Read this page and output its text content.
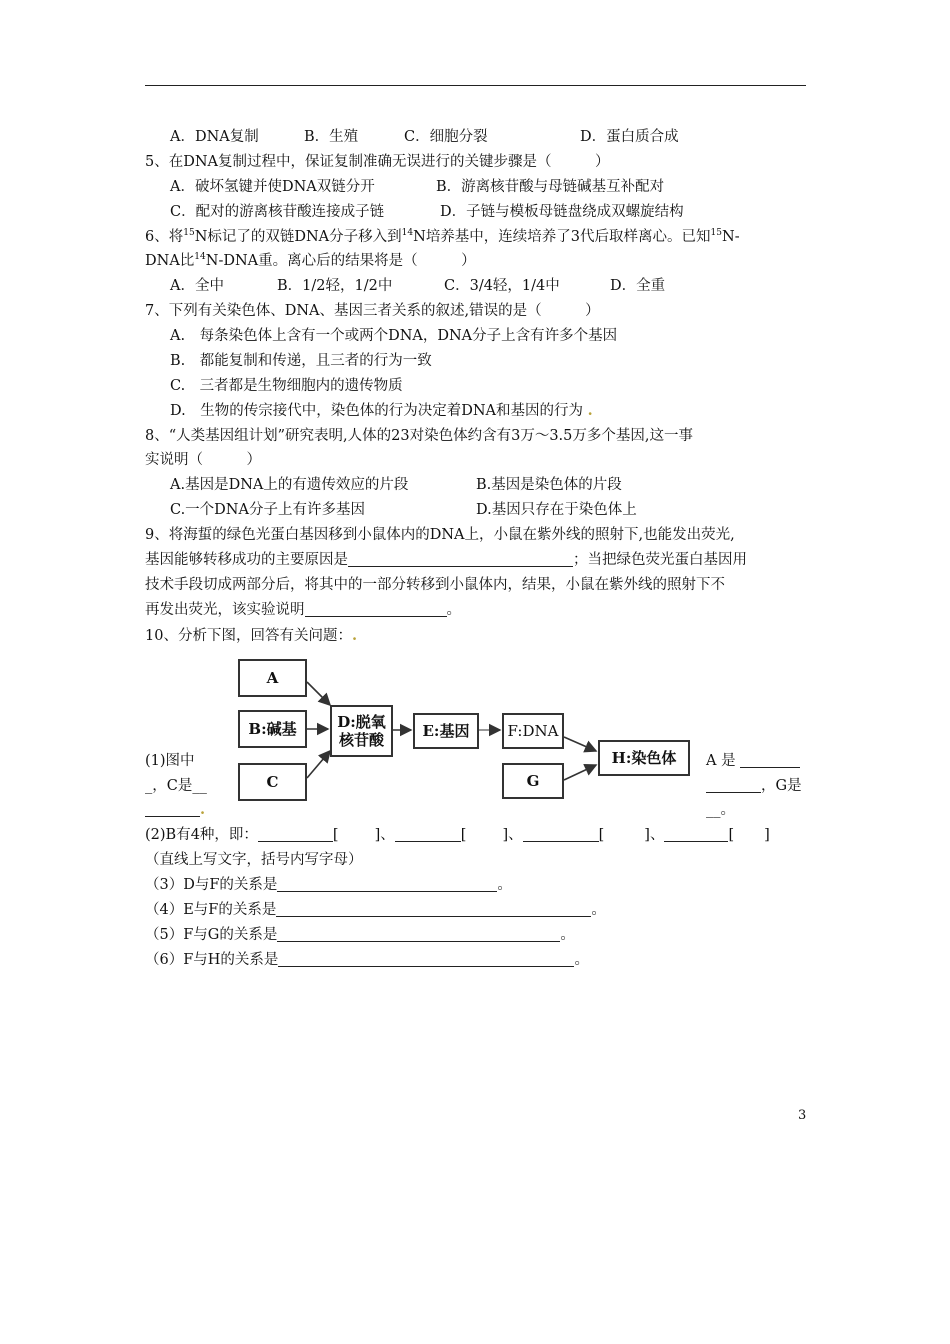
A．DNA复制	B．生殖	C．细胞分裂	D．蛋白质合成
5、在DNA复制过程中，保证复制准确无误进行的关键步骤是（　　　）
A．破坏氢键并使DNA双链分开	B．游离核苷酸与母链碱基互补配对
C．配对的游离核苷酸连接成子链	D．子链与模板母链盘绕成双螺旋结构
6、将$^{15}$N标记了的双链DNA分子移入到$^{14}$N培养基中，连续培养了3代后取样离心。已知$^{15}$N-
DNA比$^{14}$N-DNA重。离心后的结果将是（　　　）
A．全中	B．1/2轻，1/2中	C．3/4轻，1/4中	D．全重
7、下列有关染色体、DNA、基因三者关系的叙述,错误的是（　　　）
A.　每条染色体上含有一个或两个DNA，DNA分子上含有许多个基因
B.　都能复制和传递，且三者的行为一致
C.　三者都是生物细胞内的遗传物质
D.　生物的传宗接代中，染色体的行为决定着DNA和基因的行为 .
8、“人类基因组计划”研究表明,人体的23对染色体约含有3万～3.5万多个基因,这一事
实说明（　　　）
A.基因是DNA上的有遗传效应的片段	B.基因是染色体的片段
C.一个DNA分子上有许多基因	D.基因只存在于染色体上
9、将海蜇的绿色光蛋白基因移到小鼠体内的DNA上，小鼠在紫外线的照射下,也能发出荧光,
基因能够转移成功的主要原因是	；当把绿色荧光蛋白基因用
技术手段切成两部分后，将其中的一部分转移到小鼠体内，结果，小鼠在紫外线的照射下不
再发出荧光，该实验说明	。
10、分析下图，回答有关问题：.
A
B:碱基
C
D:脱氧
核苷酸	E:基因	F:DNA
G
H:染色体
(1)图中
_，C是__
.
A 是
，G是
__。
(2)B有4种，即：	[ ]、	[ ]、	[	]、	[ ]
（直线上写文字，括号内写字母）
（3）D与F的关系是	。
（4）E与F的关系是	。
（5）F与G的关系是	。
（6）F与H的关系是	。
3
